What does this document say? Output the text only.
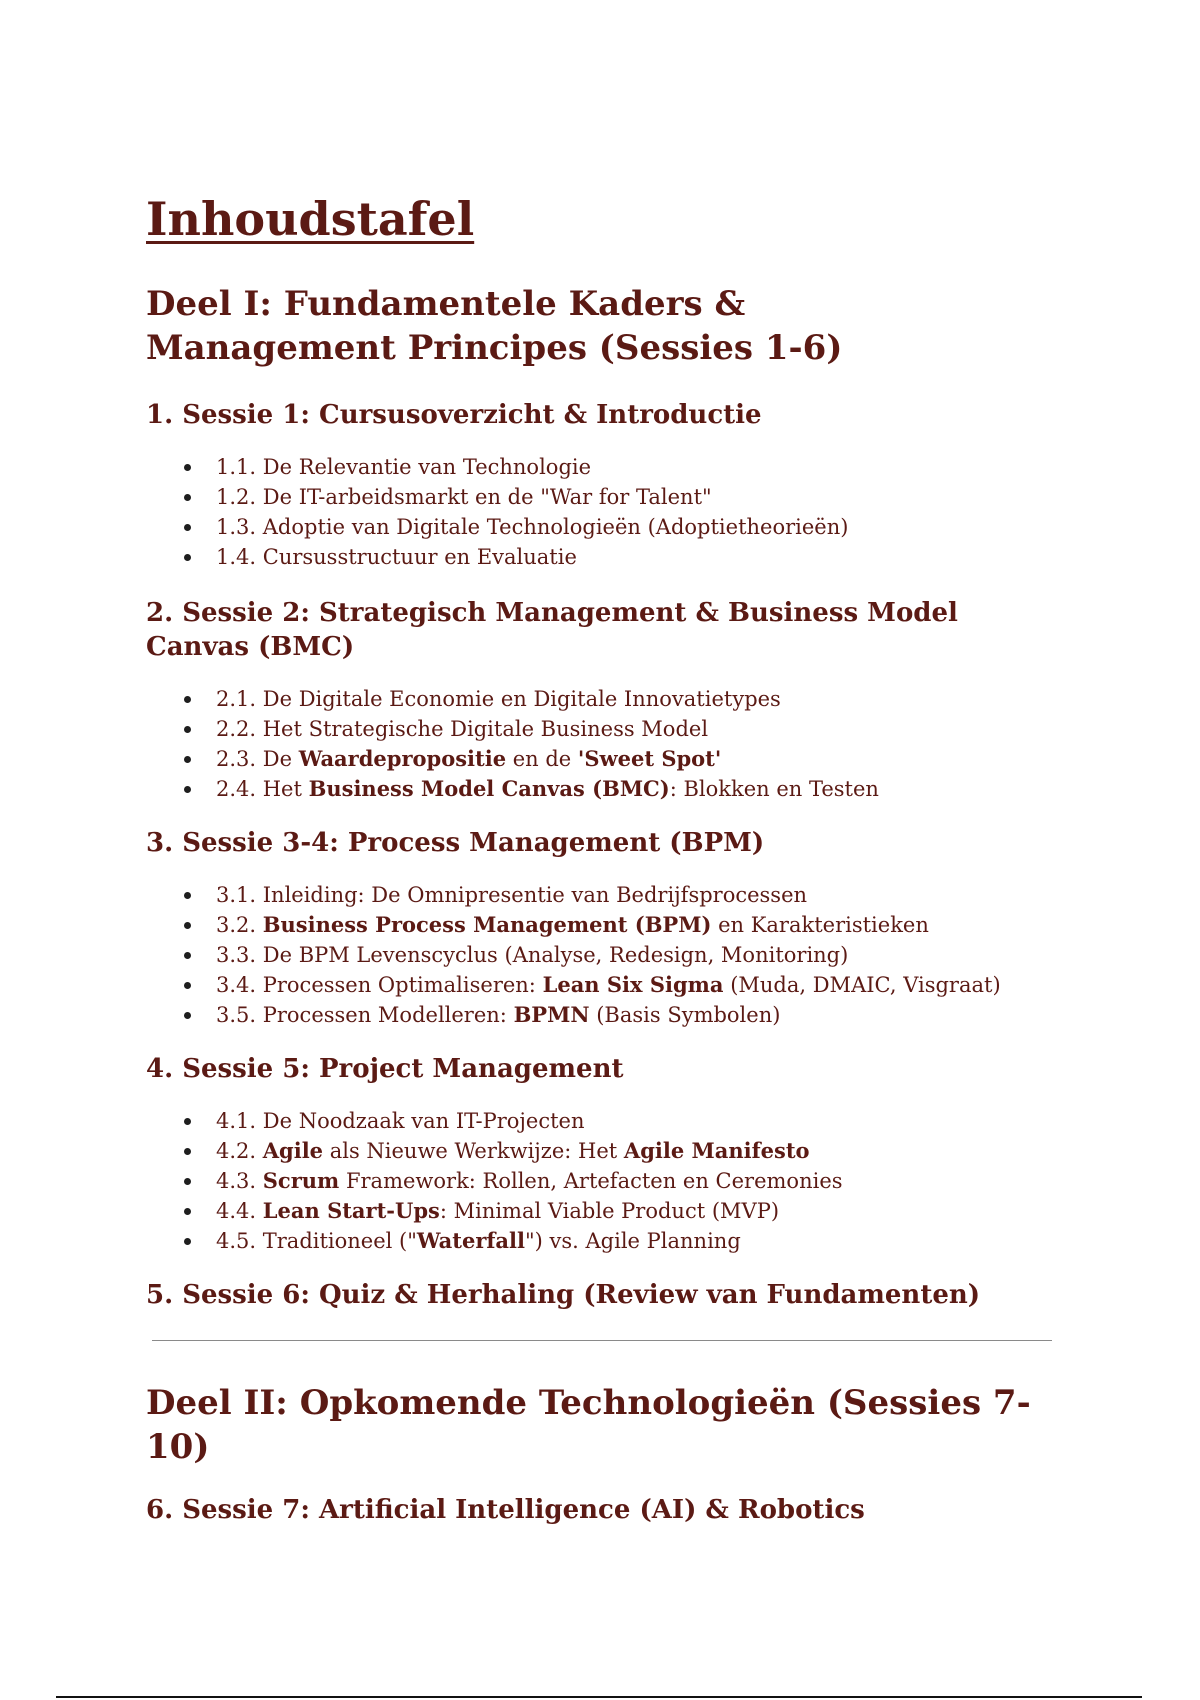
Inhoudstafel
Deel I: Fundamentele Kaders & Management Principes (Sessies 1-6)
1. Sessie 1: Cursusoverzicht & Introductie
1.1. De Relevantie van Technologie
1.2. De IT-arbeidsmarkt en de "War for Talent"
1.3. Adoptie van Digitale Technologieën (Adoptietheorieën)
1.4. Cursusstructuur en Evaluatie
2. Sessie 2: Strategisch Management & Business Model Canvas (BMC)
2.1. De Digitale Economie en Digitale Innovatietypes
2.2. Het Strategische Digitale Business Model
2.3. De Waardepropositie en de 'Sweet Spot'
2.4. Het Business Model Canvas (BMC): Blokken en Testen
3. Sessie 3-4: Process Management (BPM)
3.1. Inleiding: De Omnipresentie van Bedrijfsprocessen
3.2. Business Process Management (BPM) en Karakteristieken
3.3. De BPM Levenscyclus (Analyse, Redesign, Monitoring)
3.4. Processen Optimaliseren: Lean Six Sigma (Muda, DMAIC, Visgraat)
3.5. Processen Modelleren: BPMN (Basis Symbolen)
4. Sessie 5: Project Management
4.1. De Noodzaak van IT-Projecten
4.2. Agile als Nieuwe Werkwijze: Het Agile Manifesto
4.3. Scrum Framework: Rollen, Artefacten en Ceremonies
4.4. Lean Start-Ups: Minimal Viable Product (MVP)
4.5. Traditioneel ("Waterfall") vs. Agile Planning
5. Sessie 6: Quiz & Herhaling (Review van Fundamenten)
Deel II: Opkomende Technologieën (Sessies 7-10)
6. Sessie 7: Artificial Intelligence (AI) & Robotics
